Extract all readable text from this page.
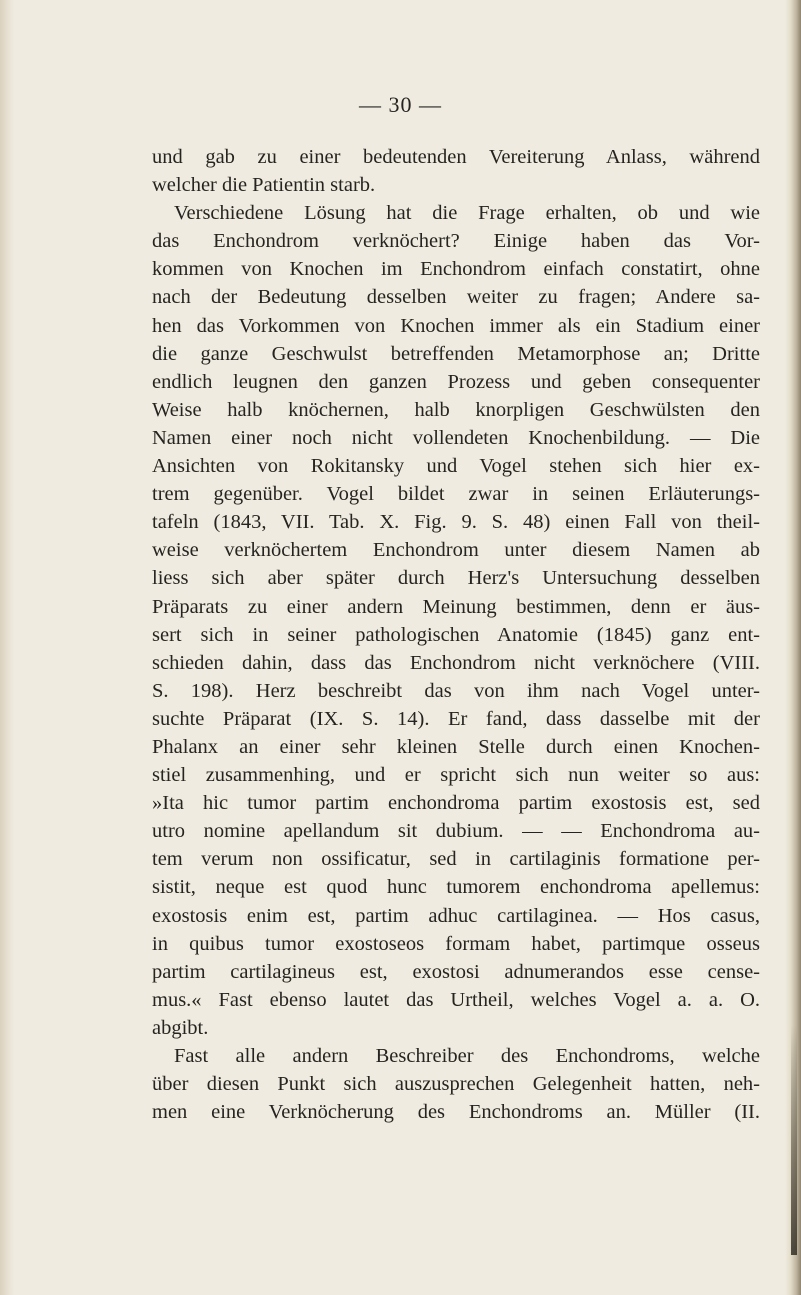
— 30 —
und gab zu einer bedeutenden Vereiterung Anlass, während
welcher die Patientin starb.
Verschiedene Lösung hat die Frage erhalten, ob und wie
das Enchondrom verknöchert? Einige haben das Vor-
kommen von Knochen im Enchondrom einfach constatirt, ohne
nach der Bedeutung desselben weiter zu fragen; Andere sa-
hen das Vorkommen von Knochen immer als ein Stadium einer
die ganze Geschwulst betreffenden Metamorphose an; Dritte
endlich leugnen den ganzen Prozess und geben consequenter
Weise halb knöchernen, halb knorpligen Geschwülsten den
Namen einer noch nicht vollendeten Knochenbildung. — Die
Ansichten von Rokitansky und Vogel stehen sich hier ex-
trem gegenüber. Vogel bildet zwar in seinen Erläuterungs-
tafeln (1843, VII. Tab. X. Fig. 9. S. 48) einen Fall von theil-
weise verknöchertem Enchondrom unter diesem Namen ab
liess sich aber später durch Herz's Untersuchung desselben
Präparats zu einer andern Meinung bestimmen, denn er äus-
sert sich in seiner pathologischen Anatomie (1845) ganz ent-
schieden dahin, dass das Enchondrom nicht verknöchere (VIII.
S. 198). Herz beschreibt das von ihm nach Vogel unter-
suchte Präparat (IX. S. 14). Er fand, dass dasselbe mit der
Phalanx an einer sehr kleinen Stelle durch einen Knochen-
stiel zusammenhing, und er spricht sich nun weiter so aus:
»Ita hic tumor partim enchondroma partim exostosis est, sed
utro nomine apellandum sit dubium. — — Enchondroma au-
tem verum non ossificatur, sed in cartilaginis formatione per-
sistit, neque est quod hunc tumorem enchondroma apellemus:
exostosis enim est, partim adhuc cartilaginea. — Hos casus,
in quibus tumor exostoseos formam habet, partimque osseus
partim cartilagineus est, exostosi adnumerandos esse cense-
mus.« Fast ebenso lautet das Urtheil, welches Vogel a. a. O.
abgibt.
Fast alle andern Beschreiber des Enchondroms, welche
über diesen Punkt sich auszusprechen Gelegenheit hatten, neh-
men eine Verknöcherung des Enchondroms an. Müller (II.
